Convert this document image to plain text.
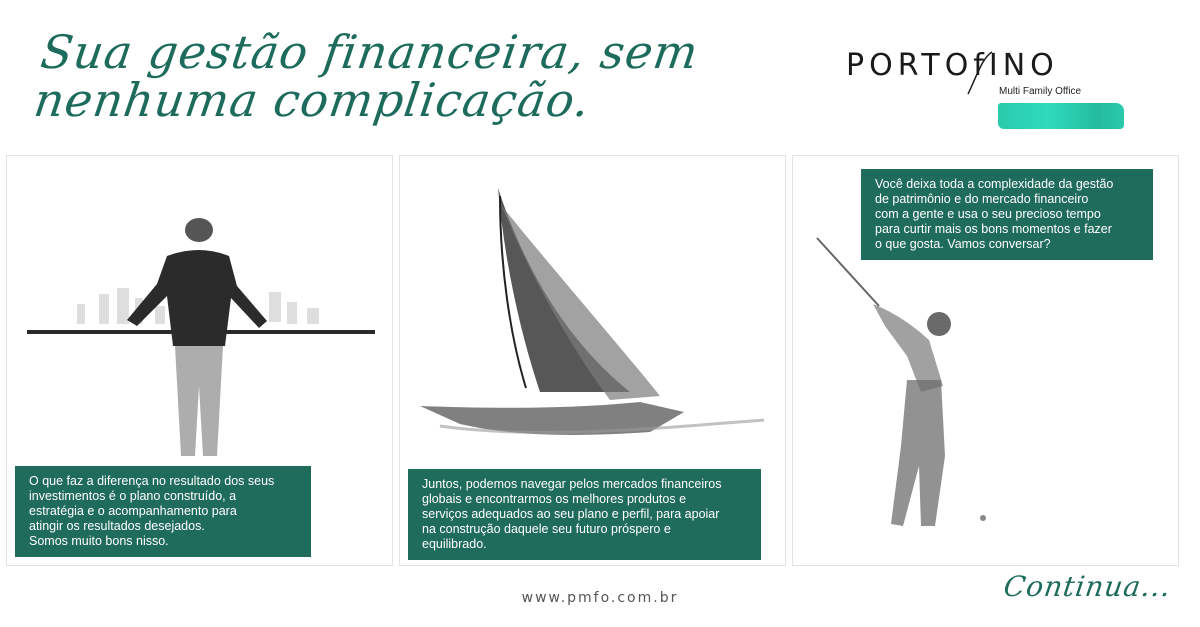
Sua gestão financeira, sem
nenhuma complicação.
PORTOfINO
Multi Family Office

O que faz a diferença no resultado dos seus

investimentos é o plano construído, a

estratégia e o acompanhamento para

atingir os resultados desejados.

Somos muito bons nisso.

Juntos, podemos navegar pelos mercados financeiros

globais e encontrarmos os melhores produtos e

serviços adequados ao seu plano e perfil, para apoiar

na construção daquele seu futuro próspero e

equilibrado.

Você deixa toda a complexidade da gestão

de patrimônio e do mercado financeiro

com a gente e usa o seu precioso tempo

para curtir mais os bons momentos e fazer

o que gosta. Vamos conversar?

www.pmfo.com.br	Continua...
